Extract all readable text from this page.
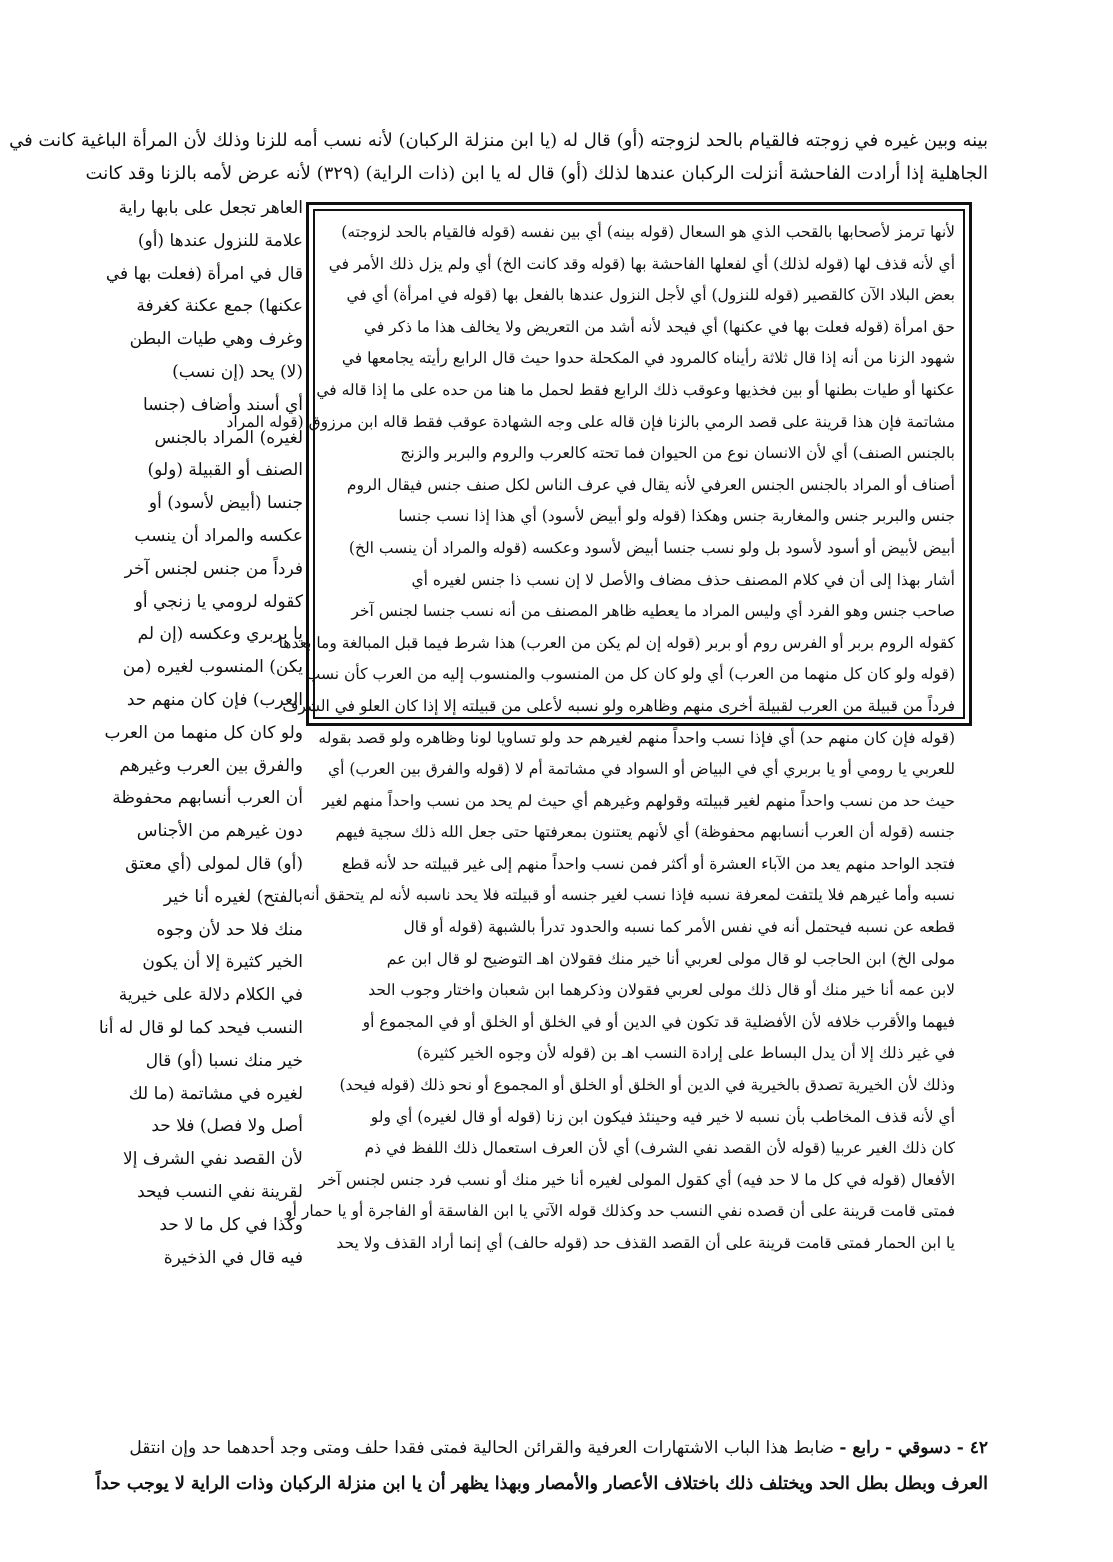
بينه وبين غيره في زوجته فالقيام بالحد لزوجته (أو) قال له (يا ابن منزلة الركبان) لأنه نسب أمه للزنا وذلك لأن المرأة الباغية كانت في
الجاهلية إذا أرادت الفاحشة أنزلت الركبان عندها لذلك (أو) قال له يا ابن (ذات الراية) (٣٢٩) لأنه عرض لأمه بالزنا وقد كانت
العاهر تجعل على بابها راية
علامة للنزول عندها (أو)
قال في امرأة (فعلت بها في
عكنها) جمع عكنة كغرفة
وغرف وهي طيات البطن
(لا) يحد (إن نسب)
أي أسند وأضاف (جنسا
لغيره) المراد بالجنس
الصنف أو القبيلة (ولو)
جنسا (أبيض لأسود) أو
عكسه والمراد أن ينسب
فرداً من جنس لجنس آخر
كقوله لرومي يا زنجي أو
يا بربري وعكسه (إن لم
يكن) المنسوب لغيره (من
العرب) فإن كان منهم حد
ولو كان كل منهما من العرب
والفرق بين العرب وغيرهم
أن العرب أنسابهم محفوظة
دون غيرهم من الأجناس
(أو) قال لمولى (أي معتق
بالفتح) لغيره أنا خير
منك فلا حد لأن وجوه
الخير كثيرة إلا أن يكون
في الكلام دلالة على خيرية
النسب فيحد كما لو قال له أنا
خير منك نسبا (أو) قال
لغيره في مشاتمة (ما لك
أصل ولا فصل) فلا حد
لأن القصد نفي الشرف إلا
لقرينة نفي النسب فيحد
وكذا في كل ما لا حد
فيه قال في الذخيرة
لأنها ترمز لأصحابها بالقحب الذي هو السعال (قوله بينه) أي بين نفسه (قوله فالقيام بالحد لزوجته)
أي لأنه قذف لها (قوله لذلك) أي لفعلها الفاحشة بها (قوله وقد كانت الخ) أي ولم يزل ذلك الأمر في
بعض البلاد الآن كالقصير (قوله للنزول) أي لأجل النزول عندها بالفعل بها (قوله في امرأة) أي في
حق امرأة (قوله فعلت بها في عكنها) أي فيحد لأنه أشد من التعريض ولا يخالف هذا ما ذكر في
شهود الزنا من أنه إذا قال ثلاثة رأيناه كالمرود في المكحلة حدوا حيث قال الرابع رأيته يجامعها في
عكنها أو طيات بطنها أو بين فخذيها وعوقب ذلك الرابع فقط لحمل ما هنا من حده على ما إذا قاله في
مشاتمة فإن هذا قرينة على قصد الرمي بالزنا فإن قاله على وجه الشهادة عوقب فقط قاله ابن مرزوق (قوله المراد
بالجنس الصنف) أي لأن الانسان نوع من الحيوان فما تحته كالعرب والروم والبربر والزنج
أصناف أو المراد بالجنس الجنس العرفي لأنه يقال في عرف الناس لكل صنف جنس فيقال الروم
جنس والبربر جنس والمغاربة جنس وهكذا (قوله ولو أبيض لأسود) أي هذا إذا نسب جنسا
أبيض لأبيض أو أسود لأسود بل ولو نسب جنسا أبيض لأسود وعكسه (قوله والمراد أن ينسب الخ)
أشار بهذا إلى أن في كلام المصنف حذف مضاف والأصل لا إن نسب ذا جنس لغيره أي
صاحب جنس وهو الفرد أي وليس المراد ما يعطيه ظاهر المصنف من أنه نسب جنسا لجنس آخر
كقوله الروم بربر أو الفرس روم أو بربر (قوله إن لم يكن من العرب) هذا شرط فيما قبل المبالغة وما بعدها
(قوله ولو كان كل منهما من العرب) أي ولو كان كل من المنسوب والمنسوب إليه من العرب كأن نسب
فرداً من قبيلة من العرب لقبيلة أخرى منهم وظاهره ولو نسبه لأعلى من قبيلته إلا إذا كان العلو في الشرف
(قوله فإن كان منهم حد) أي فإذا نسب واحداً منهم لغيرهم حد ولو تساويا لونا وظاهره ولو قصد بقوله
للعربي يا رومي أو يا بربري أي في البياض أو السواد في مشاتمة أم لا (قوله والفرق بين العرب) أي
حيث حد من نسب واحداً منهم لغير قبيلته وقولهم وغيرهم أي حيث لم يحد من نسب واحداً منهم لغير
جنسه (قوله أن العرب أنسابهم محفوظة) أي لأنهم يعتنون بمعرفتها حتى جعل الله ذلك سجية فيهم
فتجد الواحد منهم يعد من الآباء العشرة أو أكثر فمن نسب واحداً منهم إلى غير قبيلته حد لأنه قطع
نسبه وأما غيرهم فلا يلتفت لمعرفة نسبه فإذا نسب لغير جنسه أو قبيلته فلا يحد ناسبه لأنه لم يتحقق أنه
قطعه عن نسبه فيحتمل أنه في نفس الأمر كما نسبه والحدود تدرأ بالشبهة (قوله أو قال
مولى الخ) ابن الحاجب لو قال مولى لعربي أنا خير منك فقولان اهـ التوضيح لو قال ابن عم
لابن عمه أنا خير منك أو قال ذلك مولى لعربي فقولان وذكرهما ابن شعبان واختار وجوب الحد
فيهما والأقرب خلافه لأن الأفضلية قد تكون في الدين أو في الخلق أو الخلق أو في المجموع أو
في غير ذلك إلا أن يدل البساط على إرادة النسب اهـ بن (قوله لأن وجوه الخير كثيرة)
وذلك لأن الخيرية تصدق بالخيرية في الدين أو الخلق أو الخلق أو المجموع أو نحو ذلك (قوله فيحد)
أي لأنه قذف المخاطب بأن نسبه لا خير فيه وحينئذ فيكون ابن زنا (قوله أو قال لغيره) أي ولو
كان ذلك الغير عربيا (قوله لأن القصد نفي الشرف) أي لأن العرف استعمال ذلك اللفظ في ذم
الأفعال (قوله في كل ما لا حد فيه) أي كقول المولى لغيره أنا خير منك أو نسب فرد جنس لجنس آخر
فمتى قامت قرينة على أن قصده نفي النسب حد وكذلك قوله الآتي يا ابن الفاسقة أو الفاجرة أو يا حمار أو
يا ابن الحمار فمتى قامت قرينة على أن القصد القذف حد (قوله حالف) أي إنما أراد القذف ولا يحد
٤٢ - دسوقي - رابع - ضابط هذا الباب الاشتهارات العرفية والقرائن الحالية فمتى فقدا حلف ومتى وجد أحدهما حد وإن انتقل
العرف وبطل بطل الحد ويختلف ذلك باختلاف الأعصار والأمصار وبهذا يظهر أن يا ابن منزلة الركبان وذات الراية لا يوجب حداً
